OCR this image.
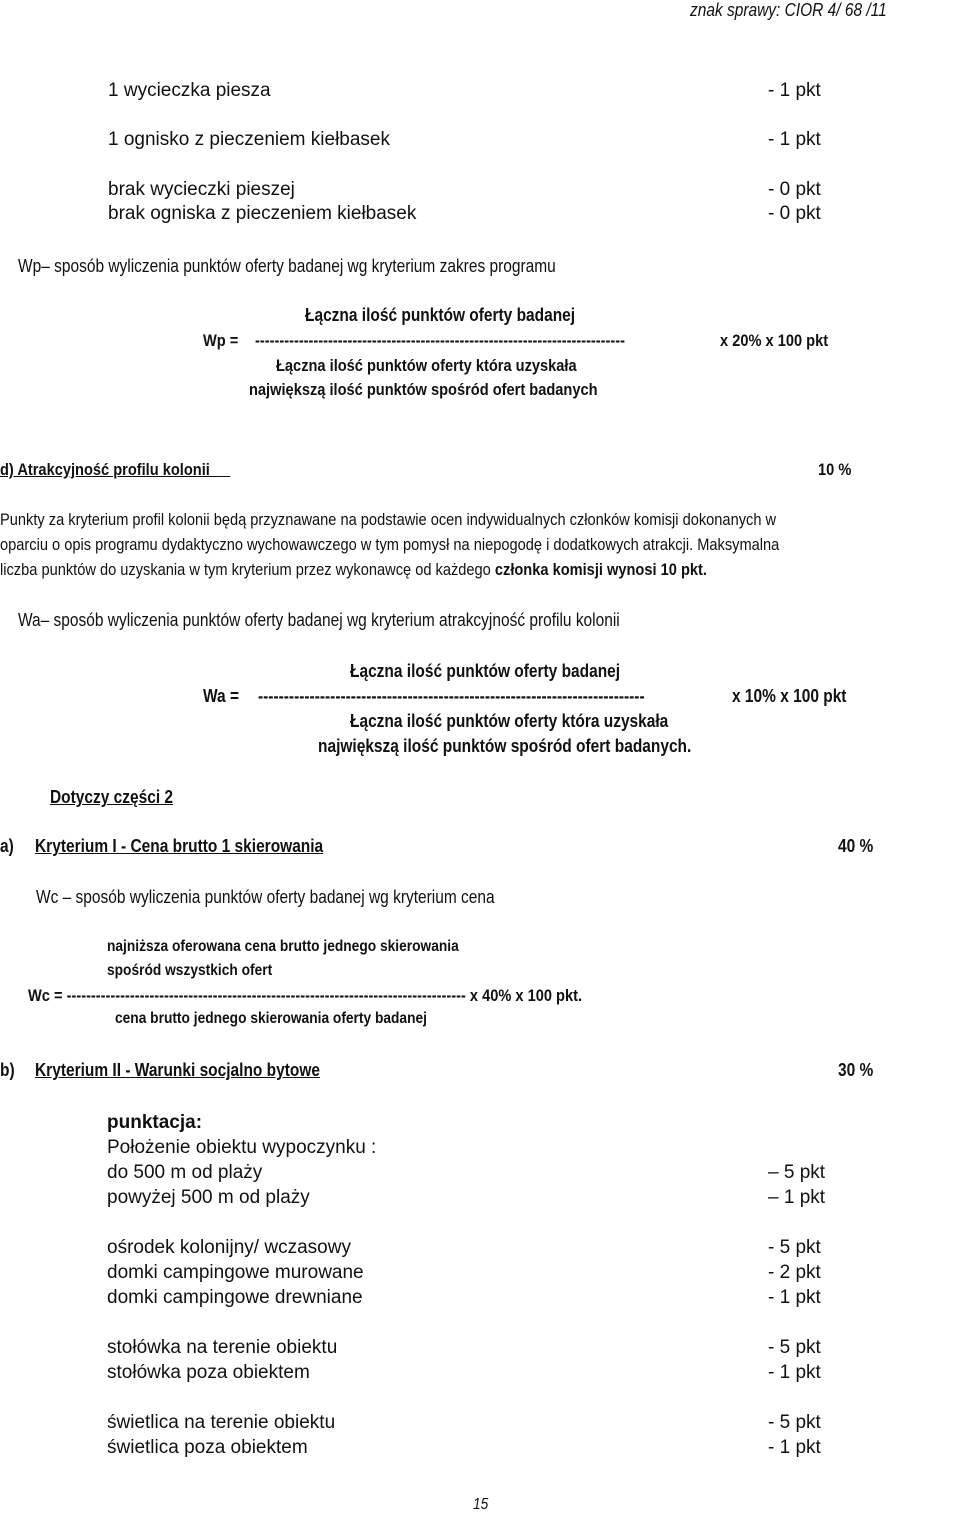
znak sprawy: CIOR 4/ 68 /11
1 wycieczka piesza	- 1 pkt
1 ognisko z pieczeniem kiełbasek	- 1 pkt
brak wycieczki pieszej	- 0 pkt
brak ogniska z pieczeniem kiełbasek	- 0 pkt
Wp– sposób wyliczenia punktów oferty badanej wg kryterium zakres programu
Łączna ilość punktów oferty badanej
Wp = ----------------------------------------------------------------------------	x 20% x 100 pkt
Łączna ilość punktów oferty która uzyskała
największą ilość punktów spośród ofert badanych
d) Atrakcyjność profilu kolonii	10 %
Punkty za kryterium profil kolonii będą przyznawane na podstawie ocen indywidualnych członków komisji dokonanych w
oparciu o opis programu dydaktyczno wychowawczego w tym pomysł na niepogodę i dodatkowych atrakcji. Maksymalna
liczba punktów do uzyskania w tym kryterium przez wykonawcę od każdego członka komisji wynosi 10 pkt.
Wa– sposób wyliczenia punktów oferty badanej wg kryterium atrakcyjność profilu kolonii
Łączna ilość punktów oferty badanej
Wa = ---------------------------------------------------------------------------	x 10% x 100 pkt
Łączna ilość punktów oferty która uzyskała
największą ilość punktów spośród ofert badanych.
Dotyczy części 2
a) Kryterium I - Cena brutto 1 skierowania	40 %
Wc – sposób wyliczenia punktów oferty badanej wg kryterium cena
najniższa oferowana cena brutto jednego skierowania
spośród wszystkich ofert
Wc = ---------------------------------------------------------------------------------- x 40% x 100 pkt.
cena brutto jednego skierowania oferty badanej
b) Kryterium II - Warunki socjalno bytowe	30 %
punktacja:
Położenie obiektu wypoczynku :
do 500 m od plaży	– 5 pkt
powyżej 500 m od plaży	– 1 pkt
ośrodek kolonijny/ wczasowy	- 5 pkt
domki campingowe murowane	- 2 pkt
domki campingowe drewniane	- 1 pkt
stołówka na terenie obiektu	- 5 pkt
stołówka poza obiektem	- 1 pkt
świetlica na terenie obiektu	- 5 pkt
świetlica poza obiektem	- 1 pkt
15
